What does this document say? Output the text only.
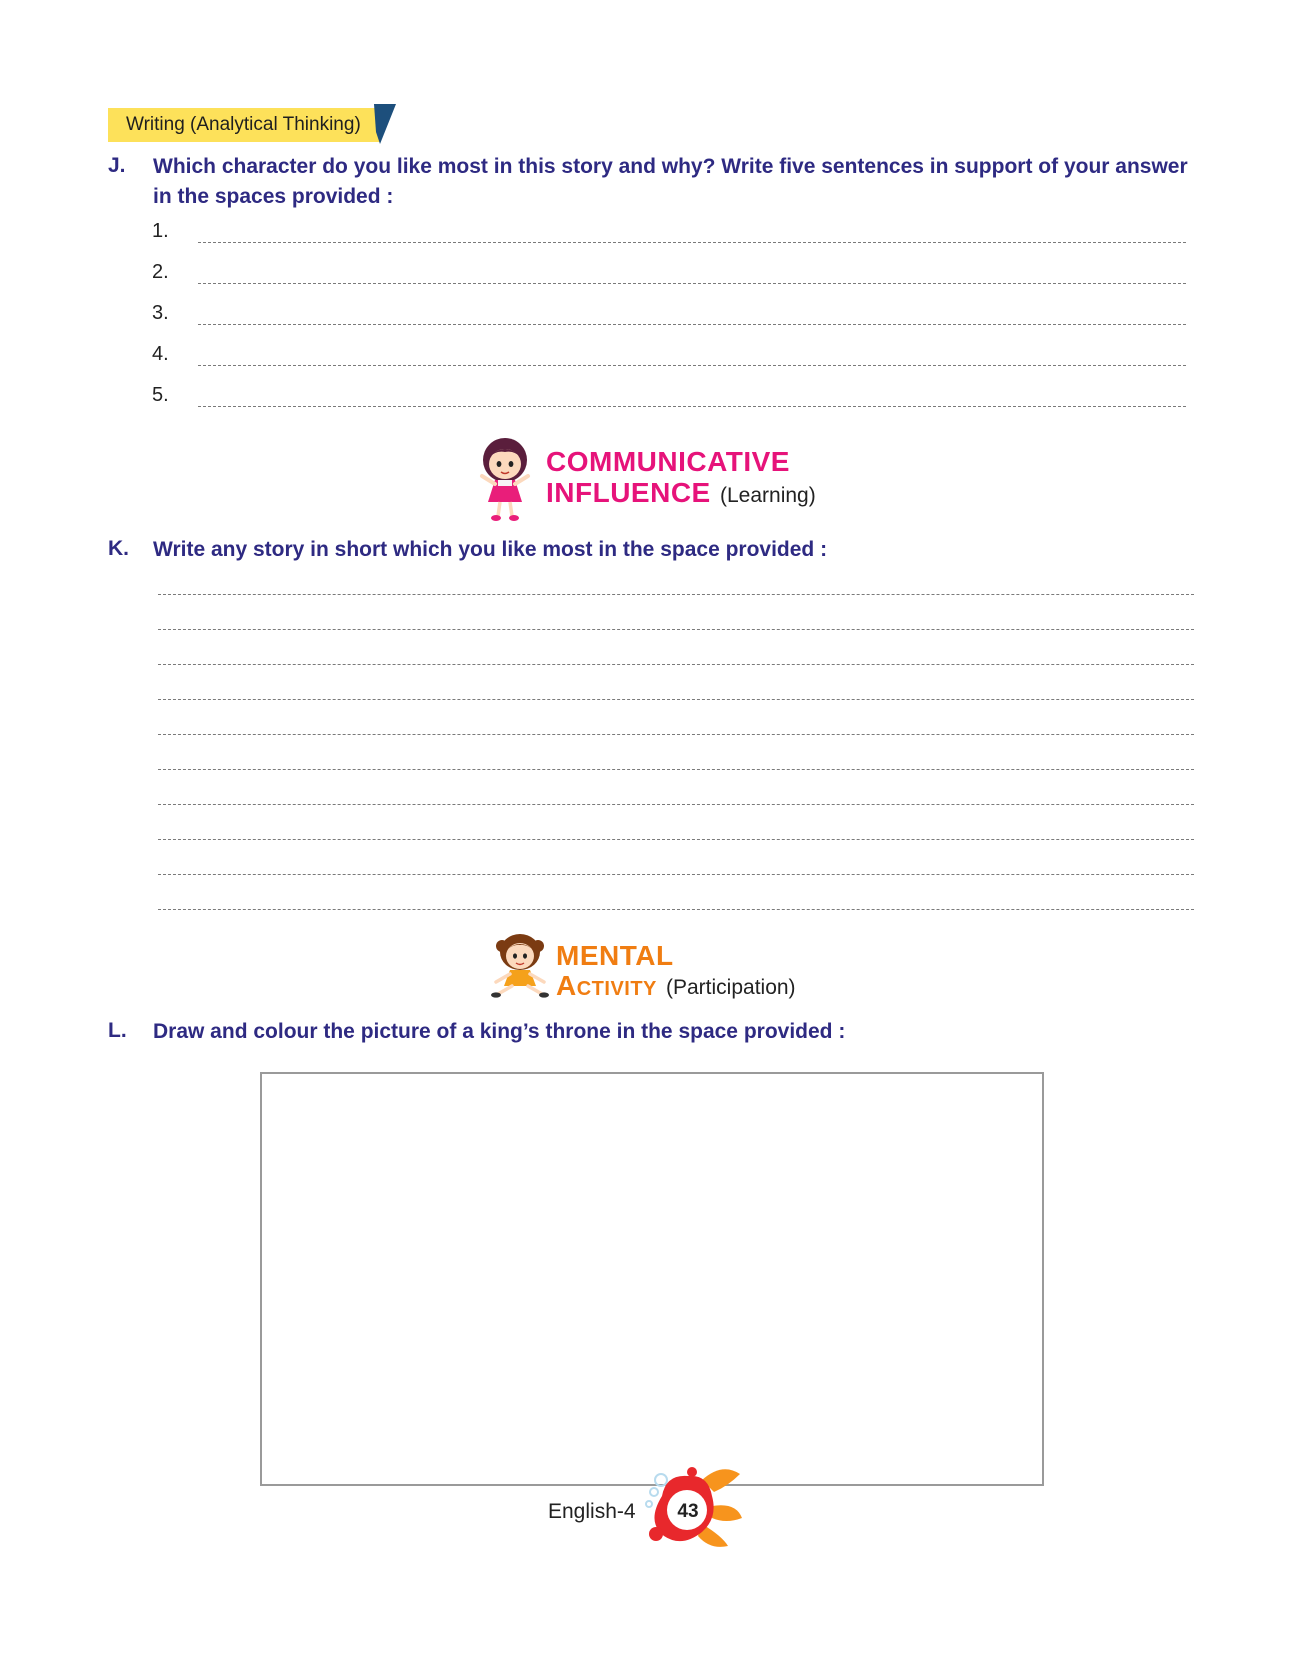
Writing (Analytical Thinking)
J. Which character do you like most in this story and why? Write five sentences in support of your answer
in the spaces provided :
1.
2.
3.
4.
5.
COMMUNICATIVE
INFLUENCE (Learning)
K. Write any story in short which you like most in the space provided :
MENTAL
Activity (Participation)
L. Draw and colour the picture of a king’s throne in the space provided :
English-4 43
